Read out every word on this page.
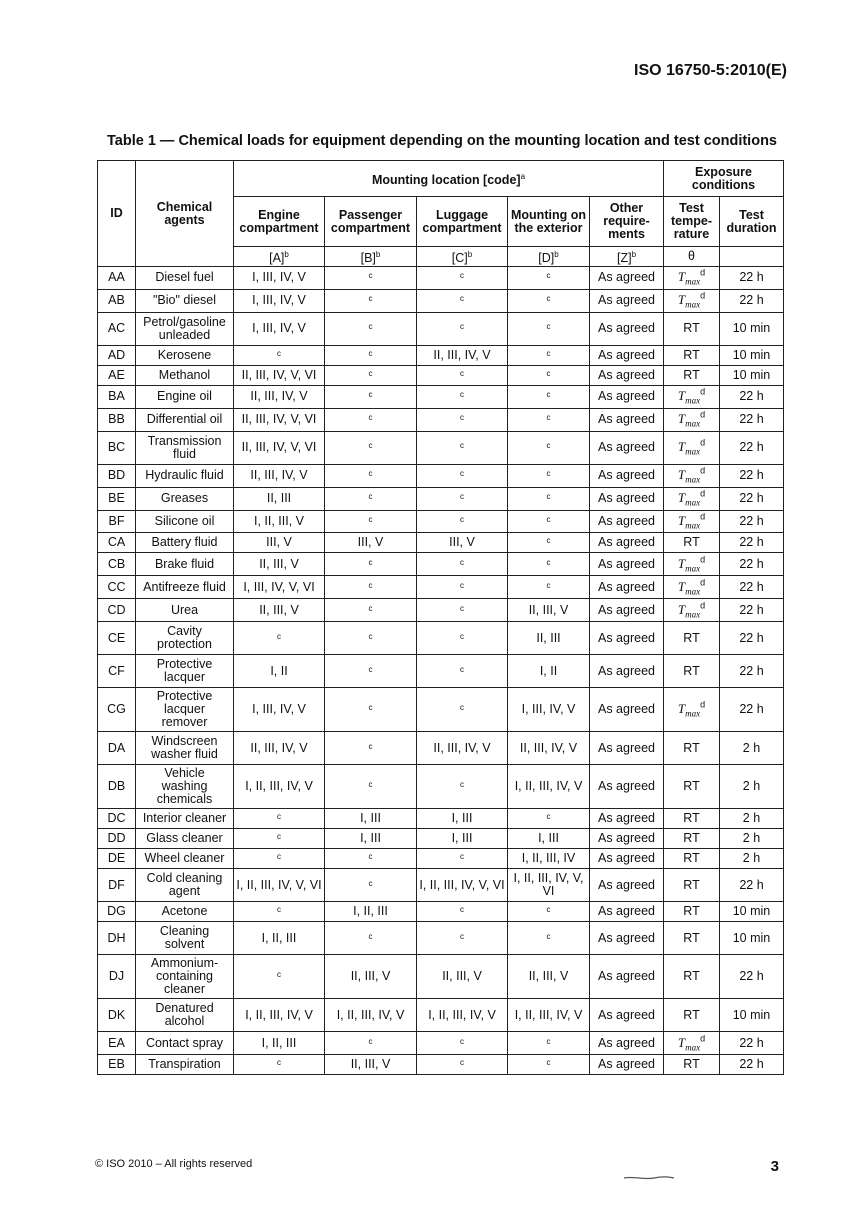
ISO 16750-5:2010(E)
Table 1 — Chemical loads for equipment depending on the mounting location and test conditions
ID	Chemical agents	Mounting location [code]$^a$					Exposure conditions	
		Engine compartment	Passenger compartment	Luggage compartment	Mounting on the exterior	Other require-ments	Test tempe-rature	Test duration
		$[A]^b$	$[B]^b$	$[C]^b$	$[D]^b$	$[Z]^b$	θ	
AA	Diesel fuel	I, III, IV, V	$^c$	$^c$	$^c$	As agreed	$T_{max}^d$	22 h
AB	"Bio" diesel	I, III, IV, V	$^c$	$^c$	$^c$	As agreed	$T_{max}^d$	22 h
AC	Petrol/gasoline unleaded	I, III, IV, V	$^c$	$^c$	$^c$	As agreed	RT	10 min
AD	Kerosene	$^c$	$^c$	II, III, IV, V	$^c$	As agreed	RT	10 min
AE	Methanol	II, III, IV, V, VI	$^c$	$^c$	$^c$	As agreed	RT	10 min
BA	Engine oil	II, III, IV, V	$^c$	$^c$	$^c$	As agreed	$T_{max}^d$	22 h
BB	Differential oil	II, III, IV, V, VI	$^c$	$^c$	$^c$	As agreed	$T_{max}^d$	22 h
BC	Transmission fluid	II, III, IV, V, VI	$^c$	$^c$	$^c$	As agreed	$T_{max}^d$	22 h
BD	Hydraulic fluid	II, III, IV, V	$^c$	$^c$	$^c$	As agreed	$T_{max}^d$	22 h
BE	Greases	II, III	$^c$	$^c$	$^c$	As agreed	$T_{max}^d$	22 h
BF	Silicone oil	I, II, III, V	$^c$	$^c$	$^c$	As agreed	$T_{max}^d$	22 h
CA	Battery fluid	III, V	III, V	III, V	$^c$	As agreed	RT	22 h
CB	Brake fluid	II, III, V	$^c$	$^c$	$^c$	As agreed	$T_{max}^d$	22 h
CC	Antifreeze fluid	I, III, IV, V, VI	$^c$	$^c$	$^c$	As agreed	$T_{max}^d$	22 h
CD	Urea	II, III, V	$^c$	$^c$	II, III, V	As agreed	$T_{max}^d$	22 h
CE	Cavity protection	$^c$	$^c$	$^c$	II, III	As agreed	RT	22 h
CF	Protective lacquer	I, II	$^c$	$^c$	I, II	As agreed	RT	22 h
CG	Protective lacquer remover	I, III, IV, V	$^c$	$^c$	I, III, IV, V	As agreed	$T_{max}^d$	22 h
DA	Windscreen washer fluid	II, III, IV, V	$^c$	II, III, IV, V	II, III, IV, V	As agreed	RT	2 h
DB	Vehicle washing chemicals	I, II, III, IV, V	$^c$	$^c$	I, II, III, IV, V	As agreed	RT	2 h
DC	Interior cleaner	$^c$	I, III	I, III	$^c$	As agreed	RT	2 h
DD	Glass cleaner	$^c$	I, III	I, III	I, III	As agreed	RT	2 h
DE	Wheel cleaner	$^c$	$^c$	$^c$	I, II, III, IV	As agreed	RT	2 h
DF	Cold cleaning agent	I, II, III, IV, V, VI	$^c$	I, II, III, IV, V, VI	I, II, III, IV, V, VI	As agreed	RT	22 h
DG	Acetone	$^c$	I, II, III	$^c$	$^c$	As agreed	RT	10 min
DH	Cleaning solvent	I, II, III	$^c$	$^c$	$^c$	As agreed	RT	10 min
DJ	Ammonium-containing cleaner	$^c$	II, III, V	II, III, V	II, III, V	As agreed	RT	22 h
DK	Denatured alcohol	I, II, III, IV, V	I, II, III, IV, V	I, II, III, IV, V	I, II, III, IV, V	As agreed	RT	10 min
EA	Contact spray	I, II, III	$^c$	$^c$	$^c$	As agreed	$T_{max}^d$	22 h
EB	Transpiration	$^c$	II, III, V	$^c$	$^c$	As agreed	RT	22 h
© ISO 2010 – All rights reserved	3
